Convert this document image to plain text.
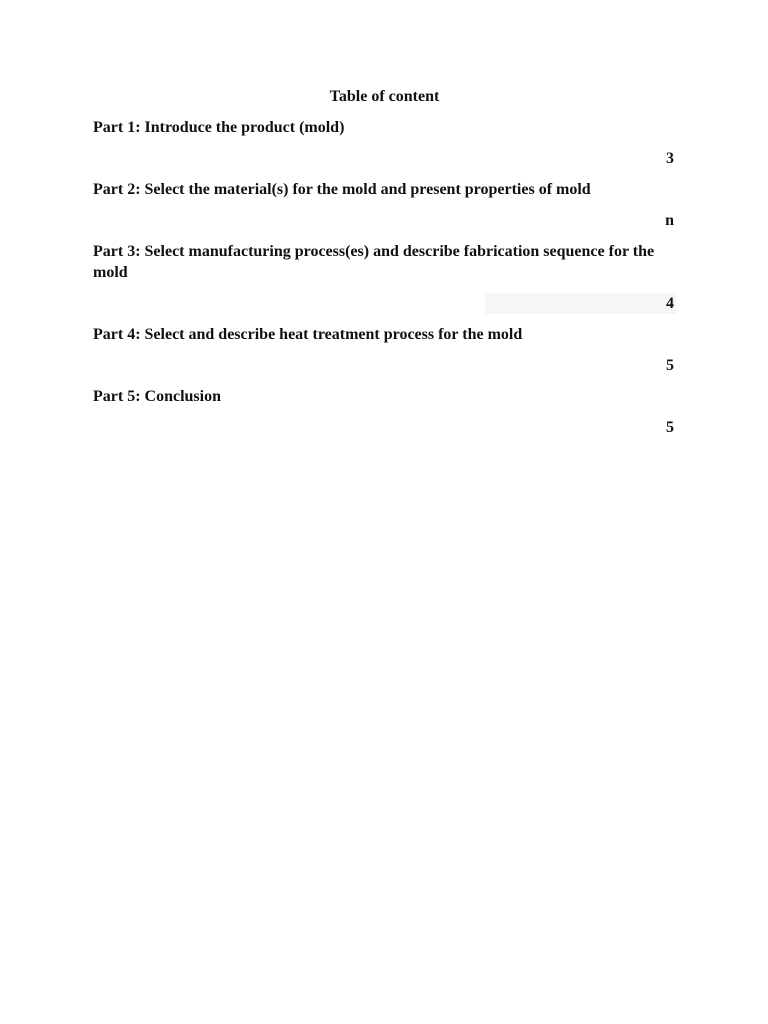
Table of content
Part 1: Introduce the product (mold)
3
Part 2: Select the material(s) for the mold and present properties of mold
n
Part 3: Select manufacturing process(es) and describe fabrication sequence for the mold
4
Part 4: Select and describe heat treatment process for the mold
5
Part 5: Conclusion
5
